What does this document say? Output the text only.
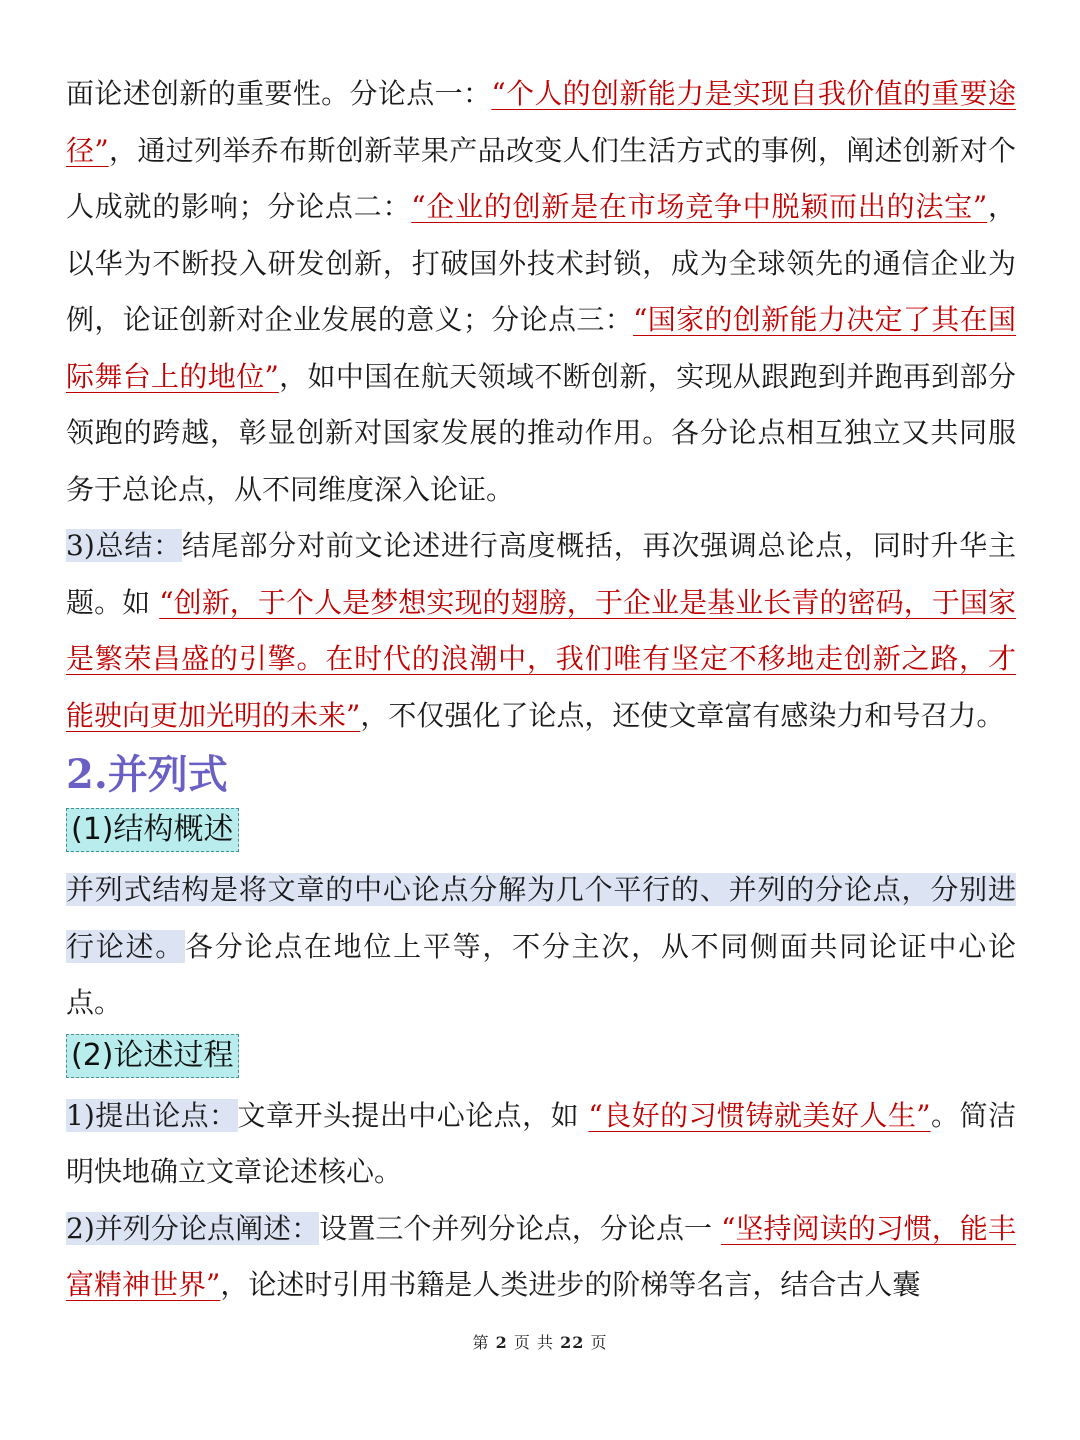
面论述创新的重要性。分论点一：“个人的创新能力是实现自我价值的重要途径”，通过列举乔布斯创新苹果产品改变人们生活方式的事例，阐述创新对个人成就的影响；分论点二：“企业的创新是在市场竞争中脱颖而出的法宝”，以华为不断投入研发创新，打破国外技术封锁，成为全球领先的通信企业为例，论证创新对企业发展的意义；分论点三：“国家的创新能力决定了其在国际舞台上的地位”，如中国在航天领域不断创新，实现从跟跑到并跑再到部分领跑的跨越，彰显创新对国家发展的推动作用。各分论点相互独立又共同服务于总论点，从不同维度深入论证。

3)总结：结尾部分对前文论述进行高度概括，再次强调总论点，同时升华主题。如 “创新，于个人是梦想实现的翅膀，于企业是基业长青的密码，于国家是繁荣昌盛的引擎。在时代的浪潮中，我们唯有坚定不移地走创新之路，才能驶向更加光明的未来”，不仅强化了论点，还使文章富有感染力和号召力。

2.并列式
(1)结构概述

并列式结构是将文章的中心论点分解为几个平行的、并列的分论点，分别进行论述。各分论点在地位上平等，不分主次，从不同侧面共同论证中心论点。

(2)论述过程

1)提出论点：文章开头提出中心论点，如 “良好的习惯铸就美好人生”。简洁明快地确立文章论述核心。

2)并列分论点阐述：设置三个并列分论点，分论点一 “坚持阅读的习惯，能丰富精神世界”，论述时引用书籍是人类进步的阶梯等名言，结合古人囊

第 2 页 共 22 页
